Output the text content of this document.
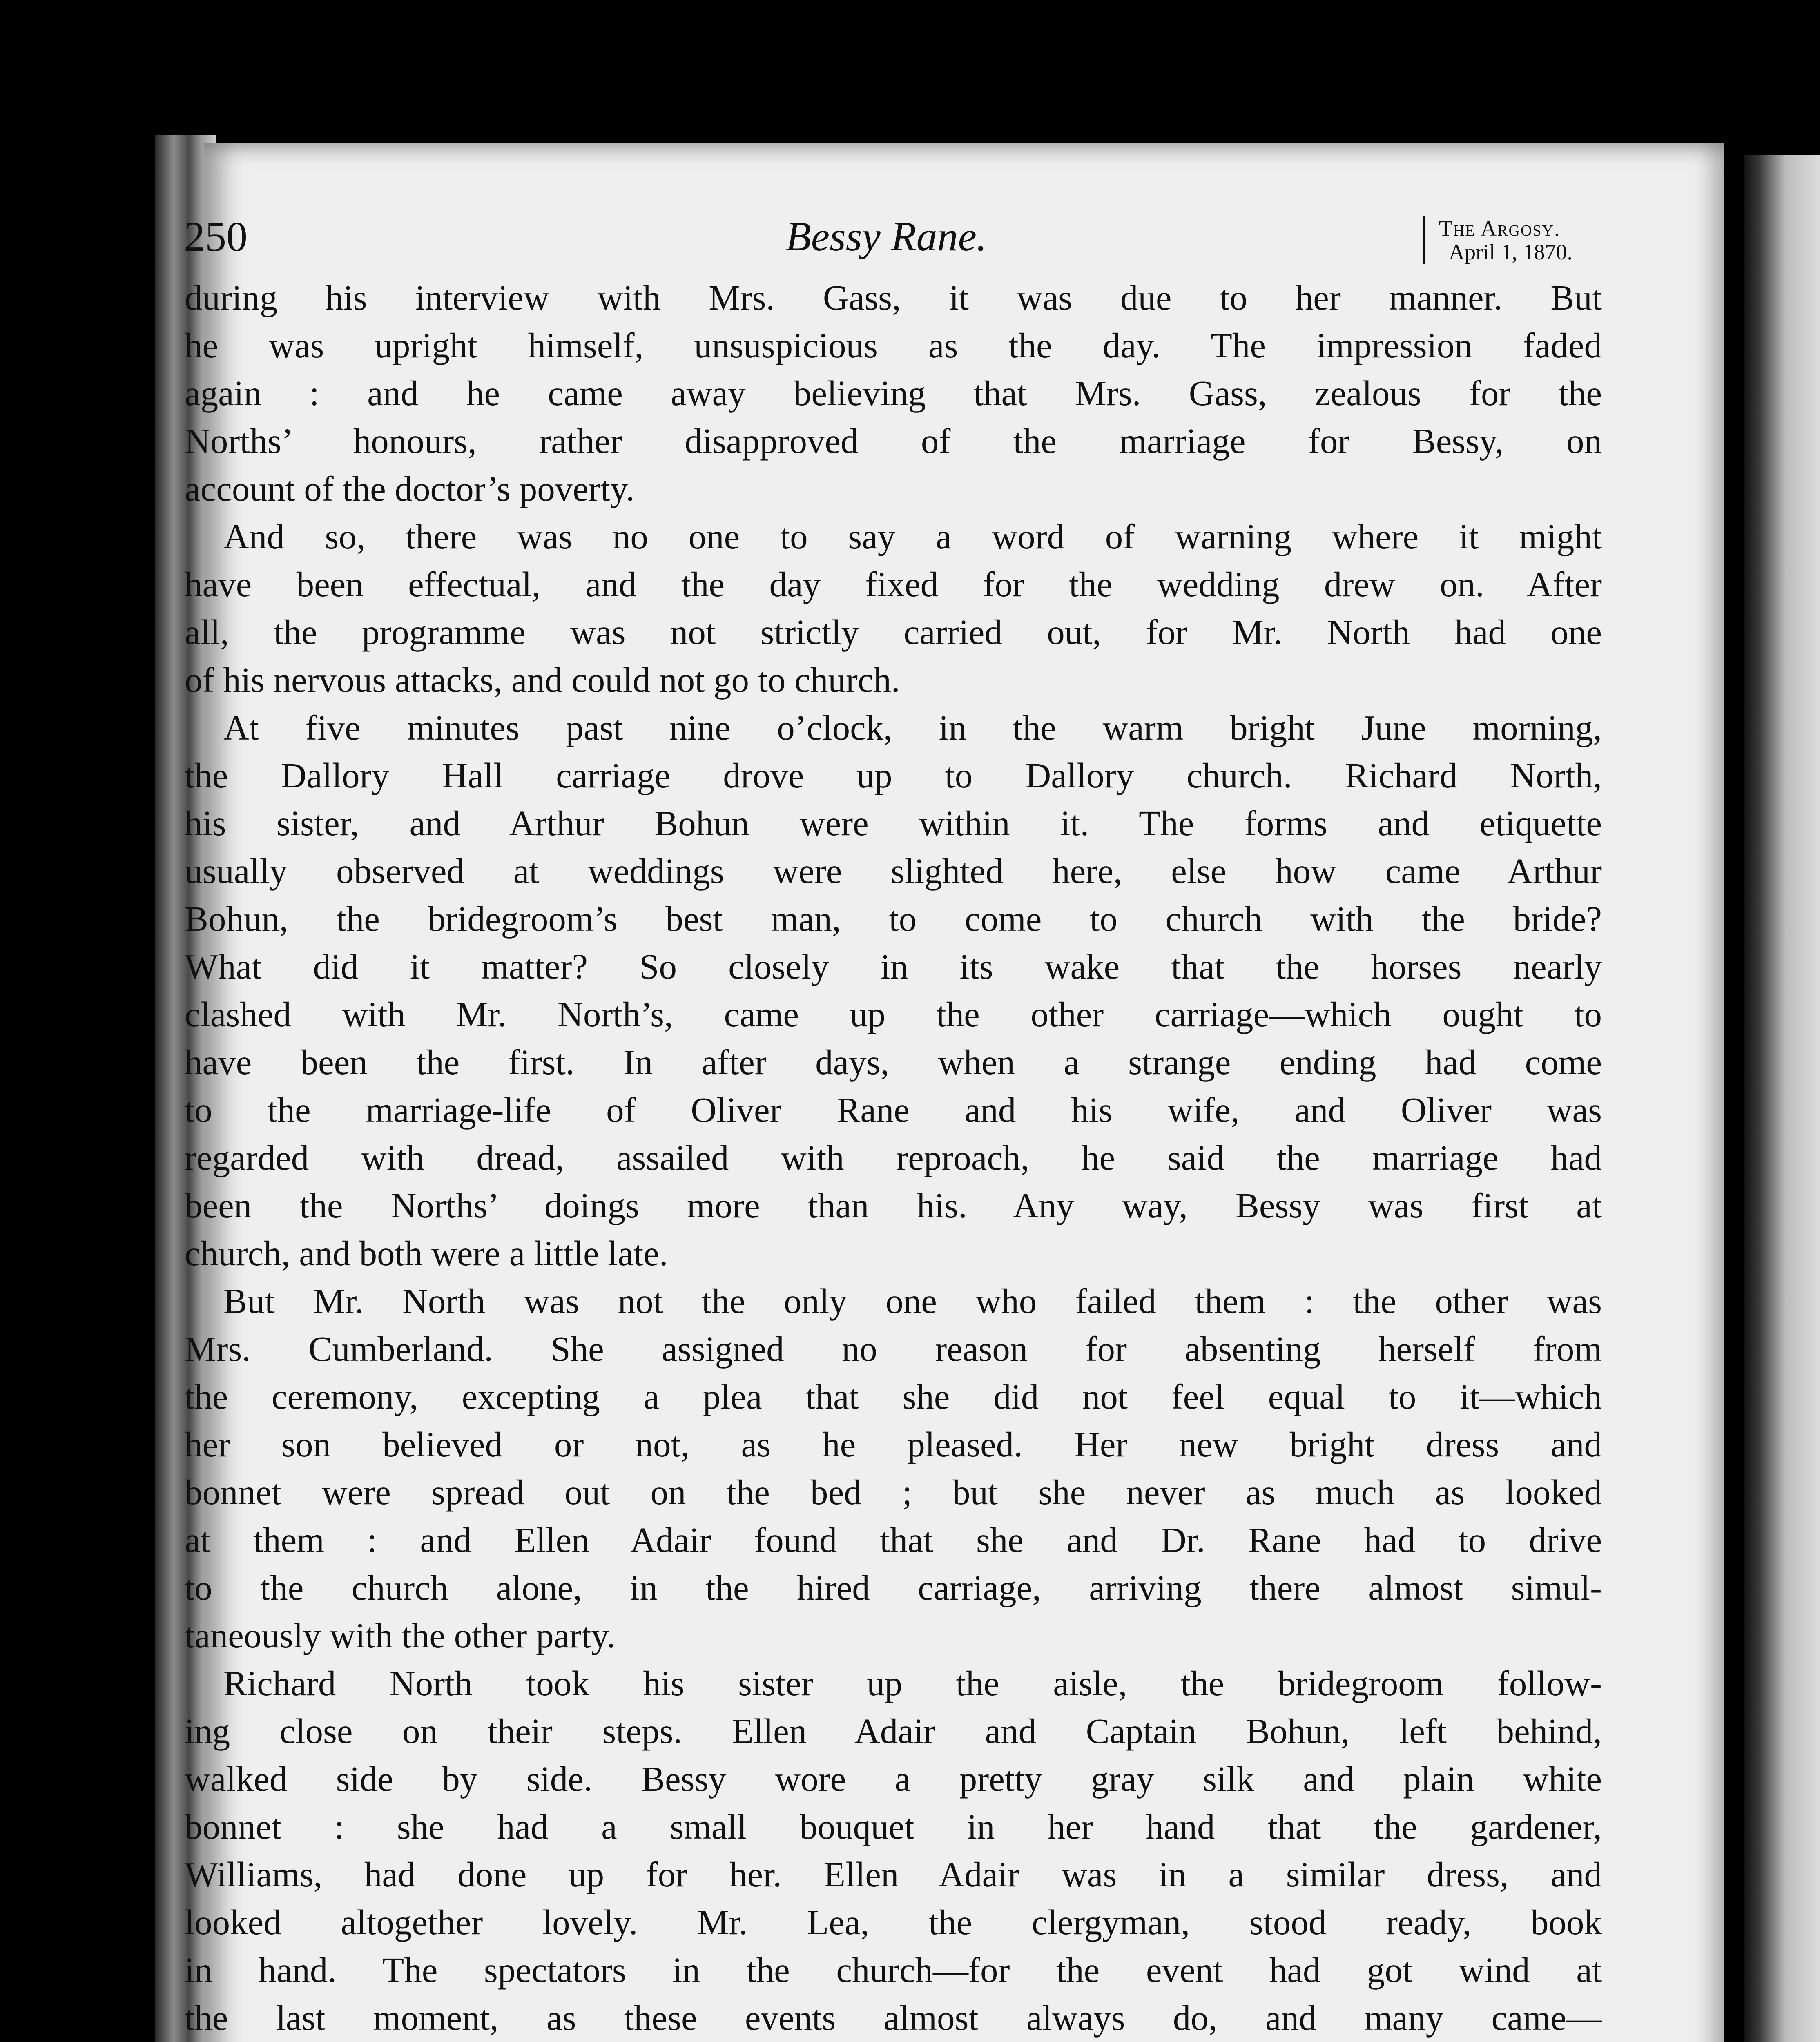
250	Bessy Rane.	The Argosy.
April 1, 1870.

during his interview with Mrs. Gass, it was due to her manner. But
he was upright himself, unsuspicious as the day. The impression faded
again : and he came away believing that Mrs. Gass, zealous for the
Norths’ honours, rather disapproved of the marriage for Bessy, on
account of the doctor’s poverty.

And so, there was no one to say a word of warning where it might
have been effectual, and the day fixed for the wedding drew on. After
all, the programme was not strictly carried out, for Mr. North had one
of his nervous attacks, and could not go to church.

At five minutes past nine o’clock, in the warm bright June morning,
the Dallory Hall carriage drove up to Dallory church. Richard North,
his sister, and Arthur Bohun were within it. The forms and etiquette
usually observed at weddings were slighted here, else how came Arthur
Bohun, the bridegroom’s best man, to come to church with the bride?
What did it matter? So closely in its wake that the horses nearly
clashed with Mr. North’s, came up the other carriage—which ought to
have been the first. In after days, when a strange ending had come
to the marriage-life of Oliver Rane and his wife, and Oliver was
regarded with dread, assailed with reproach, he said the marriage had
been the Norths’ doings more than his. Any way, Bessy was first at
church, and both were a little late.

But Mr. North was not the only one who failed them : the other was
Mrs. Cumberland. She assigned no reason for absenting herself from
the ceremony, excepting a plea that she did not feel equal to it—which
her son believed or not, as he pleased. Her new bright dress and
bonnet were spread out on the bed ; but she never as much as looked
at them : and Ellen Adair found that she and Dr. Rane had to drive
to the church alone, in the hired carriage, arriving there almost simul-
taneously with the other party.

Richard North took his sister up the aisle, the bridegroom follow-
ing close on their steps. Ellen Adair and Captain Bohun, left behind,
walked side by side. Bessy wore a pretty gray silk and plain white
bonnet : she had a small bouquet in her hand that the gardener,
Williams, had done up for her. Ellen Adair was in a similar dress, and
looked altogether lovely. Mr. Lea, the clergyman, stood ready, book
in hand. The spectators in the church—for the event had got wind at
the last moment, as these events almost always do, and many came—
